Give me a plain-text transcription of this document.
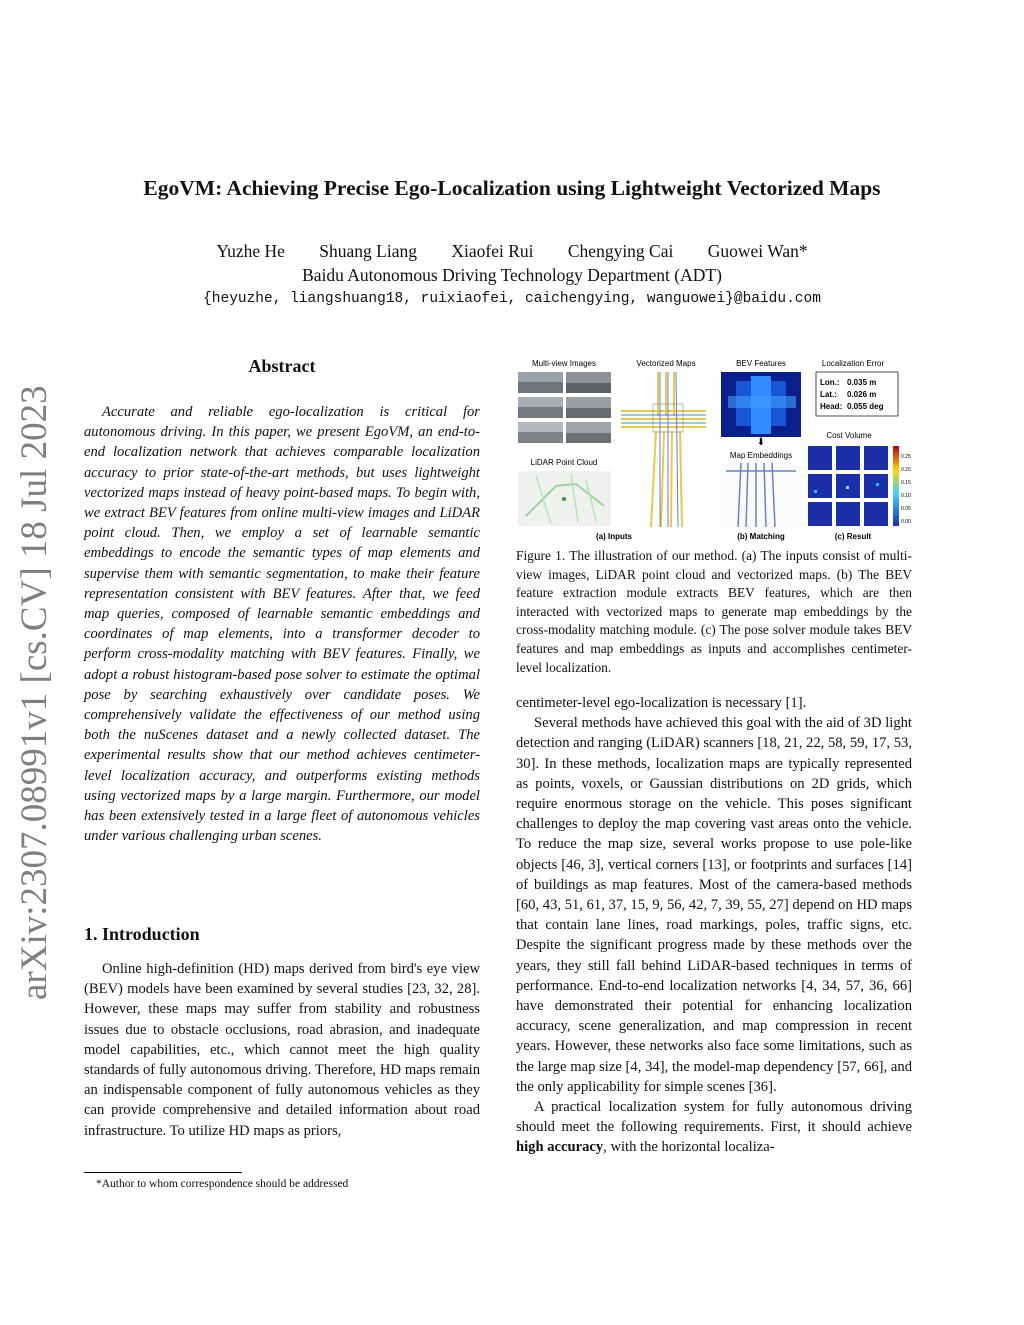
arXiv:2307.08991v1 [cs.CV] 18 Jul 2023
EgoVM: Achieving Precise Ego-Localization using Lightweight Vectorized Maps
Yuzhe He Shuang Liang Xiaofei Rui Chengying Cai Guowei Wan*
Baidu Autonomous Driving Technology Department (ADT)
{heyuzhe, liangshuang18, ruixiaofei, caichengying, wanguowei}@baidu.com
Abstract
Accurate and reliable ego-localization is critical for autonomous driving. In this paper, we present EgoVM, an end-to-end localization network that achieves comparable localization accuracy to prior state-of-the-art methods, but uses lightweight vectorized maps instead of heavy point-based maps. To begin with, we extract BEV features from online multi-view images and LiDAR point cloud. Then, we employ a set of learnable semantic embeddings to encode the semantic types of map elements and supervise them with semantic segmentation, to make their feature representation consistent with BEV features. After that, we feed map queries, composed of learnable semantic embeddings and coordinates of map elements, into a transformer decoder to perform cross-modality matching with BEV features. Finally, we adopt a robust histogram-based pose solver to estimate the optimal pose by searching exhaustively over candidate poses. We comprehensively validate the effectiveness of our method using both the nuScenes dataset and a newly collected dataset. The experimental results show that our method achieves centimeter-level localization accuracy, and outperforms existing methods using vectorized maps by a large margin. Furthermore, our model has been extensively tested in a large fleet of autonomous vehicles under various challenging urban scenes.
1. Introduction
Online high-definition (HD) maps derived from bird's eye view (BEV) models have been examined by several studies [23, 32, 28]. However, these maps may suffer from stability and robustness issues due to obstacle occlusions, road abrasion, and inadequate model capabilities, etc., which cannot meet the high quality standards of fully autonomous driving. Therefore, HD maps remain an indispensable component of fully autonomous vehicles as they can provide comprehensive and detailed information about road infrastructure. To utilize HD maps as priors,
*Author to whom correspondence should be addressed
Multi-view Images	Vectorized Maps	BEV Features	Localization Error
LiDAR Point Cloud
⬇
Map Embeddings
Lon.: 0.035 m
Lat.: 0.026 m
Head: 0.055 deg
Cost Volume
0.25
0.20
0.15
0.10
0.05
0.00
(a) Inputs	(b) Matching	(c) Result
Figure 1. The illustration of our method. (a) The inputs consist of multi-view images, LiDAR point cloud and vectorized maps. (b) The BEV feature extraction module extracts BEV features, which are then interacted with vectorized maps to generate map embeddings by the cross-modality matching module. (c) The pose solver module takes BEV features and map embeddings as inputs and accomplishes centimeter-level localization.

centimeter-level ego-localization is necessary [1].

Several methods have achieved this goal with the aid of 3D light detection and ranging (LiDAR) scanners [18, 21, 22, 58, 59, 17, 53, 30]. In these methods, localization maps are typically represented as points, voxels, or Gaussian distributions on 2D grids, which require enormous storage on the vehicle. This poses significant challenges to deploy the map covering vast areas onto the vehicle. To reduce the map size, several works propose to use pole-like objects [46, 3], vertical corners [13], or footprints and surfaces [14] of buildings as map features. Most of the camera-based methods [60, 43, 51, 61, 37, 15, 9, 56, 42, 7, 39, 55, 27] depend on HD maps that contain lane lines, road markings, poles, traffic signs, etc. Despite the significant progress made by these methods over the years, they still fall behind LiDAR-based techniques in terms of performance. End-to-end localization networks [4, 34, 57, 36, 66] have demonstrated their potential for enhancing localization accuracy, scene generalization, and map compression in recent years. However, these networks also face some limitations, such as the large map size [4, 34], the model-map dependency [57, 66], and the only applicability for simple scenes [36].

A practical localization system for fully autonomous driving should meet the following requirements. First, it should achieve high accuracy, with the horizontal localiza-
